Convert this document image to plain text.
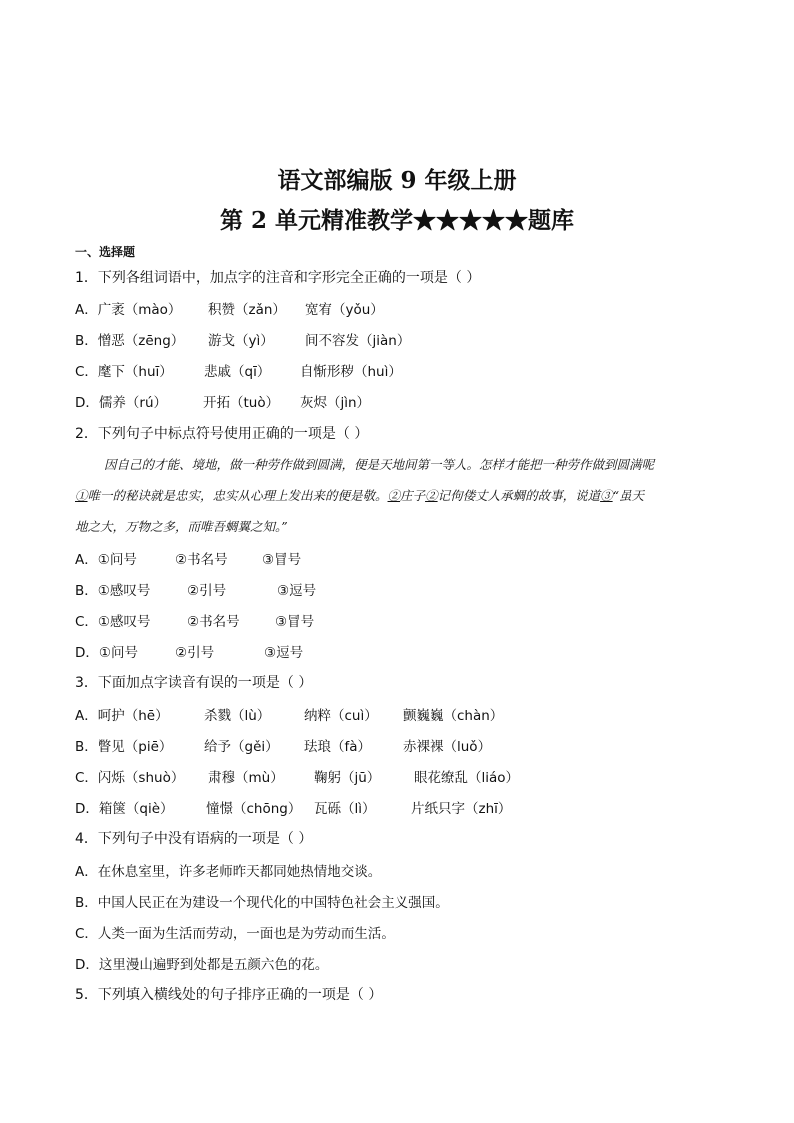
语文部编版 9 年级上册
第 2 单元精准教学★★★★★题库
一、选择题
1．下列各组词语中，加点字的注音和字形完全正确的一项是（ ）
A．广袤（mào） 积赞（zǎn） 宽宥（yǒu）
B．憎恶（zēng） 游戈（yì） 间不容发（jiàn）
C．麾下（huī） 悲戚（qī） 自惭形秽（huì）
D．儒养（rú）	开拓（tuò） 灰烬（jìn）
2．下列句子中标点符号使用正确的一项是（ ）
因自己的才能、境地，做一种劳作做到圆满，便是天地间第一等人。怎样才能把一种劳作做到圆满呢
①唯一的秘诀就是忠实，忠实从心理上发出来的便是敬。②庄子②记佝偻丈人承蜩的故事，说道③“虽天
地之大，万物之多，而唯吾蜩翼之知。”
A．①问号	②书名号	③冒号
B．①感叹号	②引号	③逗号
C．①感叹号	②书名号	③冒号
D．①问号	②引号	③逗号
3．下面加点字读音有误的一项是（ ）
A．呵护（hē）	杀戮（lù） 纳粹（cuì） 颤巍巍（chàn）
B．瞥见（piē） 给予（gěi） 珐琅（fà） 赤裸裸（luǒ）
C．闪烁（shuò） 肃穆（mù） 鞠躬（jū） 眼花缭乱（liáo）
D．箱箧（qiè） 憧憬（chōng） 瓦砾（lì）	片纸只字（zhī）
4．下列句子中没有语病的一项是（ ）
A．在休息室里，许多老师昨天都同她热情地交谈。
B．中国人民正在为建设一个现代化的中国特色社会主义强国。
C．人类一面为生活而劳动，一面也是为劳动而生活。
D．这里漫山遍野到处都是五颜六色的花。
5．下列填入横线处的句子排序正确的一项是（ ）
